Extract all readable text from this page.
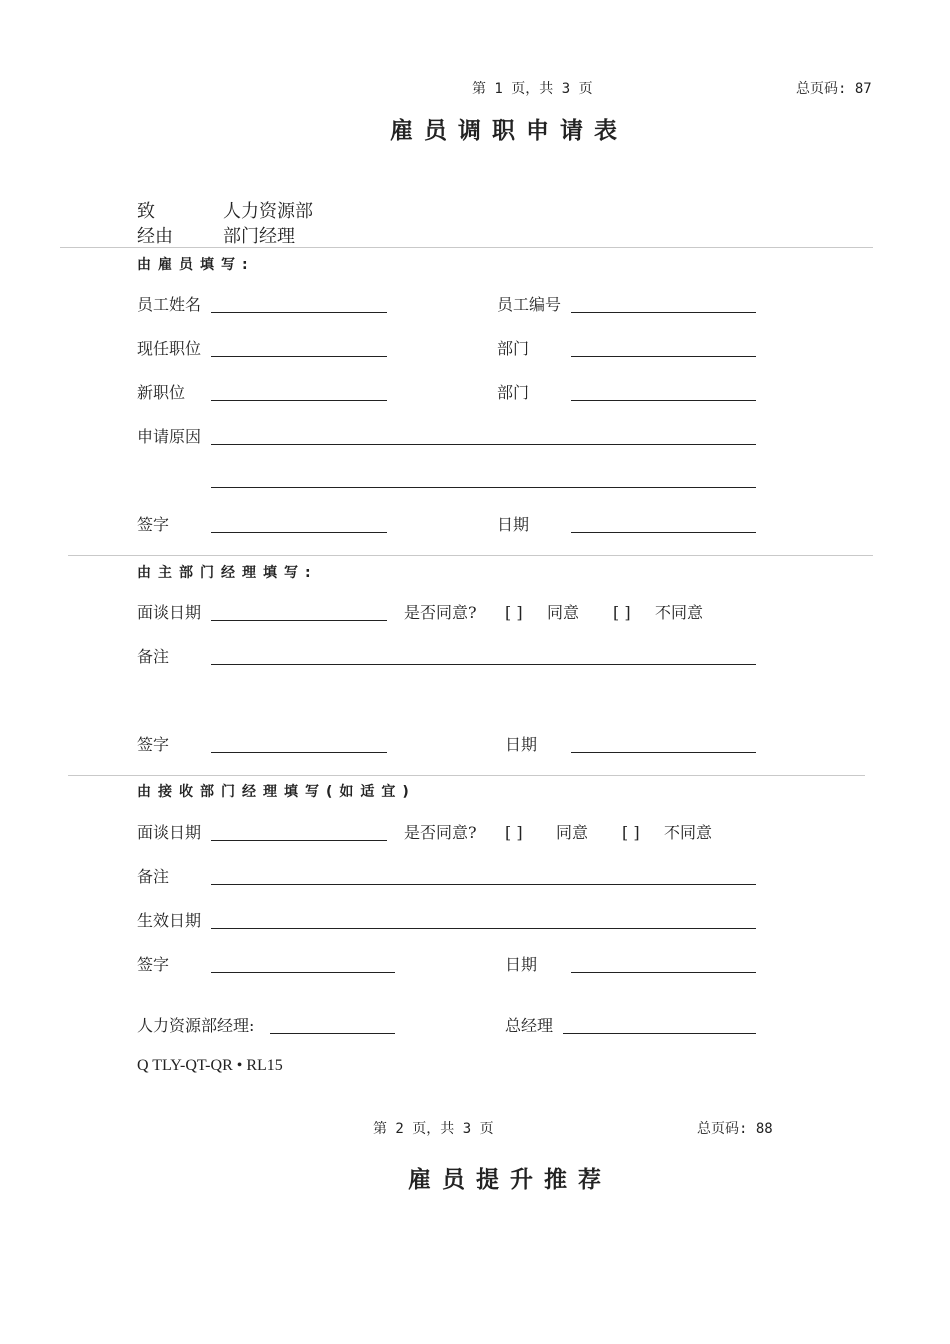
第 1 页，共 3 页	总页码: 87
雇员调职申请表
致	人力资源部
经由	部门经理
由雇员填写:
员工姓名	员工编号
现任职位	部门
新职位	部门
申请原因
签字	日期
由主部门经理填写:
面谈日期	是否同意? [ ] 同意 [ ] 不同意
备注
签字	日期
由接收部门经理填写(如适宜)
面谈日期	是否同意? [ ] 同意 [ ] 不同意
备注
生效日期
签字	日期
人力资源部经理:	总经理
Q TLY-QT-QR • RL15
第 2 页，共 3 页	总页码: 88
雇员提升推荐
